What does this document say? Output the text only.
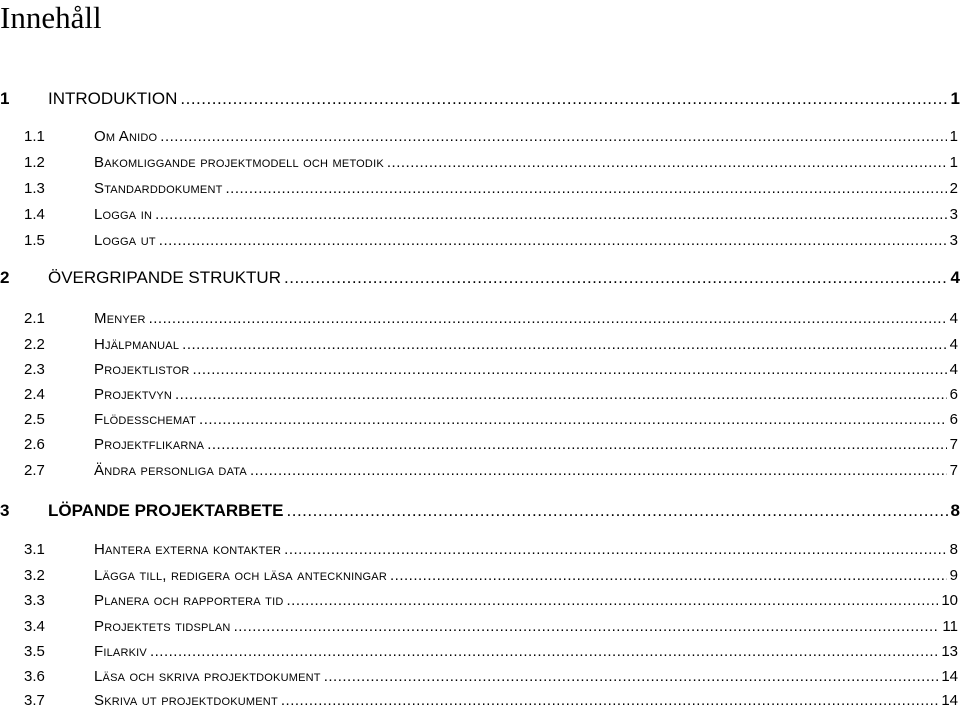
Innehåll
1	INTRODUKTION .....	1
1.1	Om Anido .....	1
1.2	Bakomliggande projektmodell och metodik .....	1
1.3	Standarddokument .....	2
1.4	Logga in .....	3
1.5	Logga ut .....	3
2	ÖVERGRIPANDE STRUKTUR .....	4
2.1	Menyer .....	4
2.2	Hjälpmanual .....	4
2.3	Projektlistor .....	4
2.4	Projektvyn .....	6
2.5	Flödesschemat .....	6
2.6	Projektflikarna .....	7
2.7	Ändra personliga data .....	7
3	LÖPANDE PROJEKTARBETE .....	8
3.1	Hantera externa kontakter .....	8
3.2	Lägga till, redigera och läsa anteckningar .....	9
3.3	Planera och rapportera tid .....	10
3.4	Projektets tidsplan .....	11
3.5	Filarkiv .....	13
3.6	Läsa och skriva projektdokument .....	14
3.7	Skriva ut projektdokument .....	14
